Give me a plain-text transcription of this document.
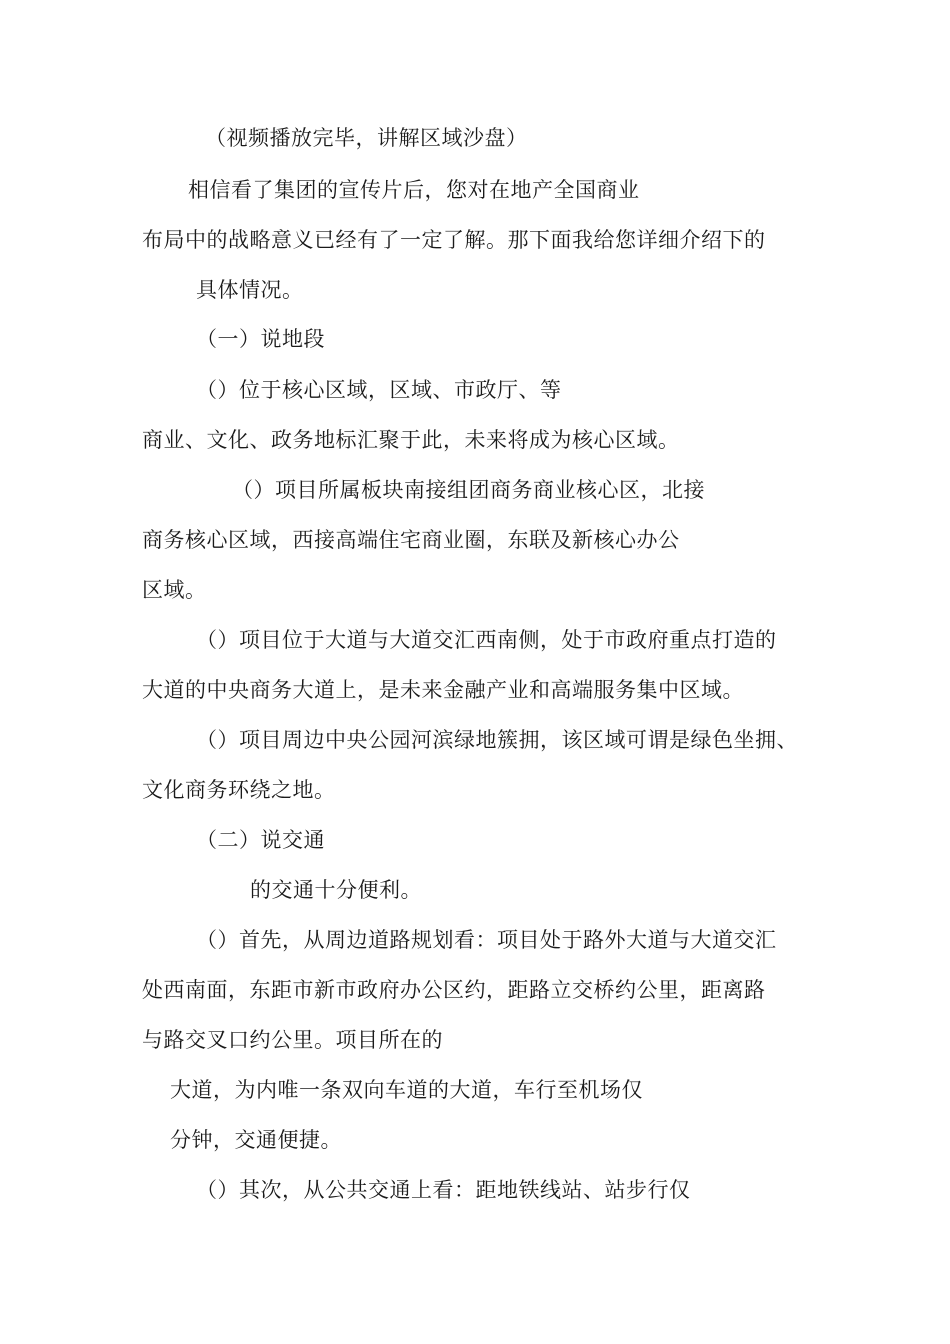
（视频播放完毕，讲解区域沙盘）
相信看了集团的宣传片后，您对在地产全国商业
布局中的战略意义已经有了一定了解。那下面我给您详细介绍下的
具体情况。
（一）说地段
（）位于核心区域，区域、市政厅、等
商业、文化、政务地标汇聚于此，未来将成为核心区域。
（）项目所属板块南接组团商务商业核心区，北接
商务核心区域，西接高端住宅商业圈，东联及新核心办公
区域。
（）项目位于大道与大道交汇西南侧，处于市政府重点打造的
大道的中央商务大道上，是未来金融产业和高端服务集中区域。
（）项目周边中央公园河滨绿地簇拥，该区域可谓是绿色坐拥、
文化商务环绕之地。
（二）说交通
的交通十分便利。
（）首先，从周边道路规划看：项目处于路外大道与大道交汇
处西南面，东距市新市政府办公区约，距路立交桥约公里，距离路
与路交叉口约公里。项目所在的
大道，为内唯一条双向车道的大道，车行至机场仅
分钟，交通便捷。
（）其次，从公共交通上看：距地铁线站、站步行仅
